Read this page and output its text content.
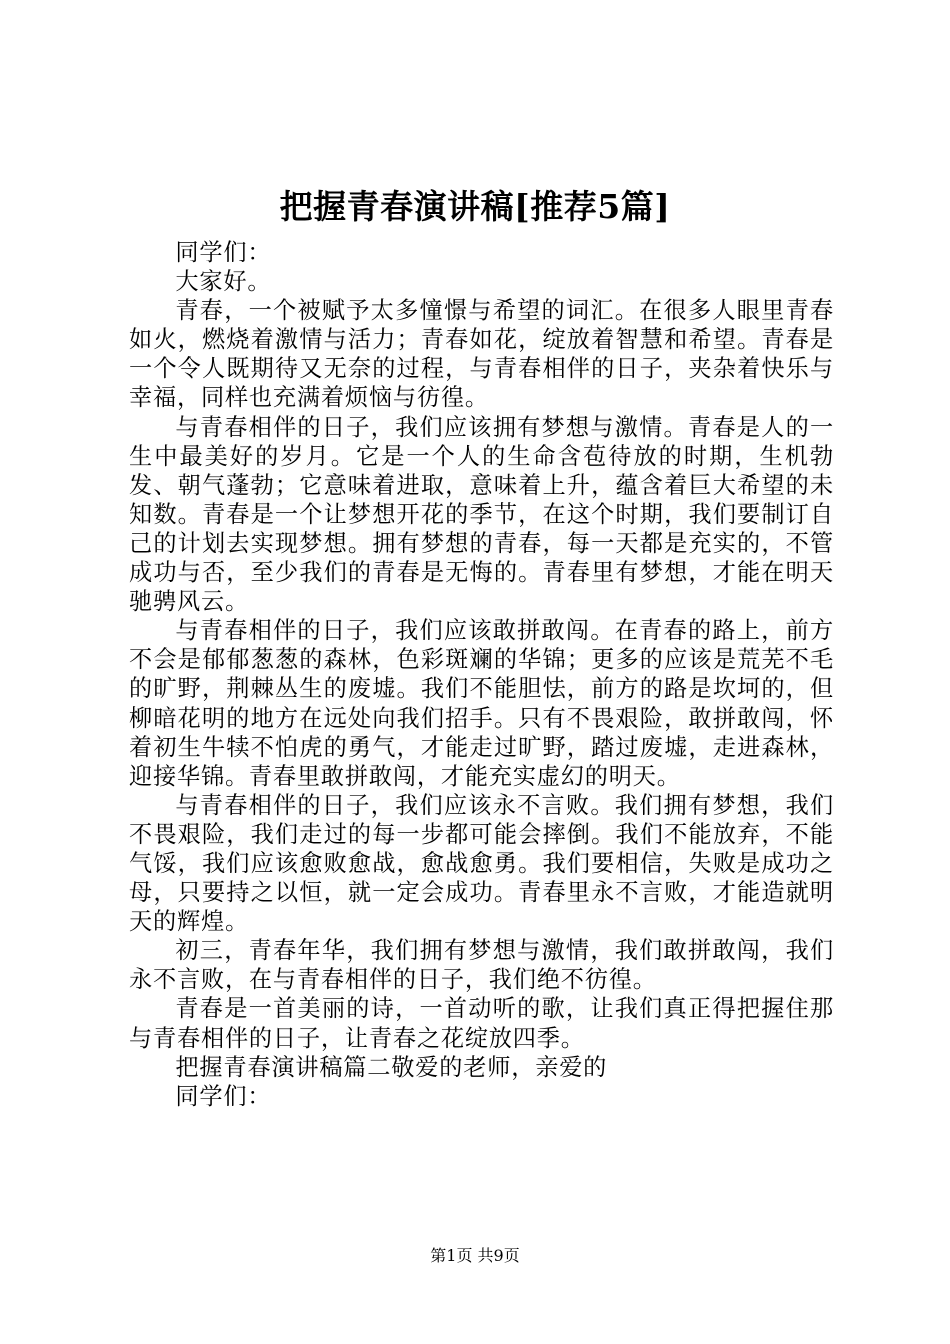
把握青春演讲稿[推荐5篇]

同学们：

大家好。

青春，一个被赋予太多憧憬与希望的词汇。在很多人眼里青春如火，燃烧着激情与活力；青春如花，绽放着智慧和希望。青春是一个令人既期待又无奈的过程，与青春相伴的日子，夹杂着快乐与幸福，同样也充满着烦恼与彷徨。

与青春相伴的日子，我们应该拥有梦想与激情。青春是人的一生中最美好的岁月。它是一个人的生命含苞待放的时期，生机勃发、朝气蓬勃；它意味着进取，意味着上升，蕴含着巨大希望的未知数。青春是一个让梦想开花的季节，在这个时期，我们要制订自己的计划去实现梦想。拥有梦想的青春，每一天都是充实的，不管成功与否，至少我们的青春是无悔的。青春里有梦想，才能在明天驰骋风云。

与青春相伴的日子，我们应该敢拼敢闯。在青春的路上，前方不会是郁郁葱葱的森林，色彩斑斓的华锦；更多的应该是荒芜不毛的旷野，荆棘丛生的废墟。我们不能胆怯，前方的路是坎坷的，但柳暗花明的地方在远处向我们招手。只有不畏艰险，敢拼敢闯，怀着初生牛犊不怕虎的勇气，才能走过旷野，踏过废墟，走进森林，迎接华锦。青春里敢拼敢闯，才能充实虚幻的明天。

与青春相伴的日子，我们应该永不言败。我们拥有梦想，我们不畏艰险，我们走过的每一步都可能会摔倒。我们不能放弃，不能气馁，我们应该愈败愈战，愈战愈勇。我们要相信，失败是成功之母，只要持之以恒，就一定会成功。青春里永不言败，才能造就明天的辉煌。

初三，青春年华，我们拥有梦想与激情，我们敢拼敢闯，我们永不言败，在与青春相伴的日子，我们绝不彷徨。

青春是一首美丽的诗，一首动听的歌，让我们真正得把握住那与青春相伴的日子，让青春之花绽放四季。

把握青春演讲稿篇二敬爱的老师，亲爱的

同学们：

第1页 共9页
